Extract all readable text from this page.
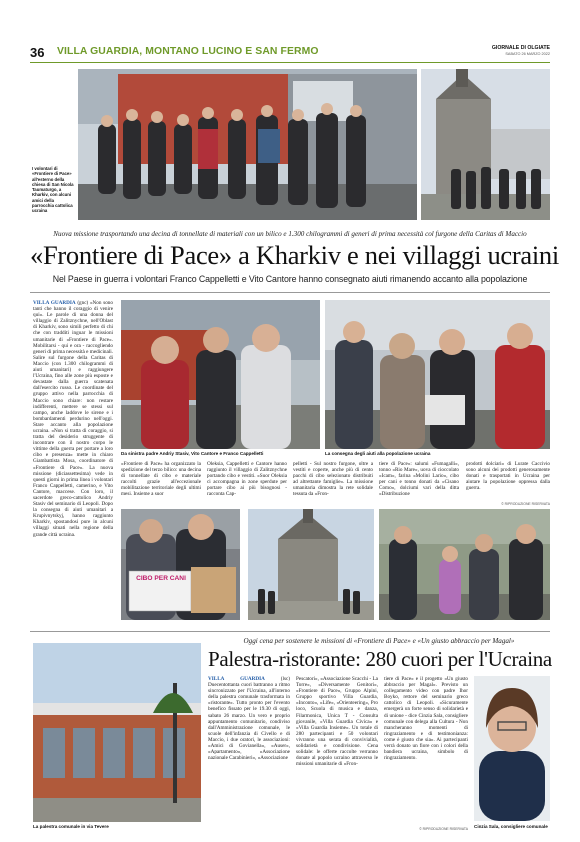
36 VILLA GUARDIA, MONTANO LUCINO E SAN FERMO	GIORNALE DI OLGIATE
SABATO 26 MARZO 2022
I volontari di «Frontiere di Pace» all'esterno della chiesa di San Nicola Taumaturgo, a Kharkiv, con alcuni amici della parrocchia cattolica ucraina
Nuova missione trasportando una decina di tonnellate di materiali con un bilico e 1.300 chilogrammi di generi di prima necessità col furgone della Caritas di Maccio
«Frontiere di Pace» a Kharkiv e nei villaggi ucraini
Nel Paese in guerra i volontari Franco Cappelletti e Vito Cantore hanno consegnato aiuti rimanendo accanto alla popolazione
VILLA GUARDIA (gnc) «Non sono tanti che hanno il coraggio di venire qui». Le parole di una donna del villaggio di Zalitznychne, nell'Oblast di Kharkiv, sono simili perfetto di chi che con tradditi inguar le missioni umanitarie di «Frontiere di Pace». Mobilitarsi - qui e ora - raccogliendo generi di prima necessità e medicinali. Salire sul furgone della Caritas di Maccio (con 1.300 chilogrammi di aiuti umanitari) e raggiungere l'Ucraina, fino alle zone più esposte e devastate dalla guerra scatenata dall'esercito russo. Le coordinate del gruppo attivo nella parrocchia di Maccio sono chiare: non restare indifferenti, mettere se stessi sul campo, anche laddove le sirene e i bombardamenti perdurino nell'oggi. Stare accanto alla popolazione ucraina. «Non si tratta di coraggio, si tratta del desiderio struggente di incontrare con il nostro corpo le vittime della guerra per portare a loro cibo e presenza» mette in chiaro Giambattista Mosa, coordinatore di «Frontiere di Pace». La nuova missione (diciassettesima) vede in questi giorni in prima linea i volontari Franco Cappelletti, camerino, e Vito Cantore, maccese. Con loro, il sacerdote greco-cattolico Andriy Stasiv del seminario di Leopoli. Dopo la consegna di aiuti umanitari a Krupivnytskyj, hanno raggiunto Kharkiv, spostandosi pure in alcuni villaggi situati nella regione della grande città ucraina.
Da sinistra padre Andriy Stasiv, Vito Cantore e Franco Cappelletti	La consegna degli aiuti alla popolazione ucraina
«Frontiere di Pace» ha organizzato la spedizione del terzo bilico: una decina di tonnellate di cibo e materiale raccolti grazie all'eccezionale mobilitazione territoriale degli ultimi mesi. Insieme a suor
Oleksia, Cappelletti e Cantore hanno raggiunto il villaggio di Zalitznychne portando cibo e vestiti. «Suor Oleksia ci accompagna in zone sperdute per portare cibo ai più bisognosi - racconta Cap-
pelletti - Sul nostro furgone, oltre a vestiti e coperte, anche più di cento pacchi di cibo selezionato distribuiti ad altrettante famiglie». La missione umanitaria dimostra la rete solidale tessuta da «Fron-
tiere di Pace»: salumi «Fumagalli», tonno «Rio Mare», uova di cioccolato «Icam», farina «Molini Lario», cibo per cani e tonno donati da «Cisano Como», dolciumi vari della ditta «Distribuzione
prodotti dolciari» di Lurate Caccivio sono alcuni dei prodotti generosamente donati e trasportati in Ucraina per aiutare la popolazione oppressa dalla guerra.
© RIPRODUZIONE RISERVATA
CIBO PER CANI
Oggi cena per sostenere le missioni di «Frontiere di Pace» e «Un giusto abbraccio per Magal»
Palestra-ristorante: 280 cuori per l'Ucraina
La palestra comunale in via Tevere
VILLA GUARDIA	(lsc) Duecentottanta cuori battranno a ritmo sincronizzato per l'Ucraina, all'interno della palestra comunale trasformata in «ristorante». Tutto pronto per l'evento benefico fissato per le 19.30 di oggi, sabato 26 marzo. Un vero e proprio appuntamento comunitario, condiviso dall'Amministrazione comunale, le scuole dell'infanzia di Civello e di Maccio, i due oratori, le associazioni: «Amici di Govianella», «Auser», «Apartamento», «Associazione nazionale Carabinieri», «Associazione
Pescatori», «Associazione Scacchi - La Torre», «Diversamente Genitori», «Frontiere di Pace», Gruppo Alpini, Gruppo sportivo Villa Guardia, «Inconto», «Life», «Orienteering», Pro loco, Scuola di musica e danza, Filarmonica, Unica T - Consulta giovanile, «Villa Guardia Civica» e «Villa Guardia Insieme». Un totale di 280 partecipanti e 50 volontari vivranno una serata di convivialità, solidarietà e condivisione. Cena solidale: le offerte raccolte verranno donate al popolo ucraino attraverso le missioni umanitarie di «Fron-
tiere di Pace» e il progetto «Un giusto abbraccio per Magal». Previsto un collegamento video con padre Ihor Boyko, rettore del seminario greco cattolico di Leopoli. «Sicuramente emergerà un forte senso di solidarietà e di unione - dice Cinzia Sala, consigliere comunale con delega alla Cultura - Non mancheranno momenti di ringraziamento e di testimonianza: come è giusto che sia». Ai partecipanti verrà donato un fiore con i colori della bandiera ucraina, simbolo di ringraziamento.
© RIPRODUZIONE RISERVATA Cinzia Sala, consigliere comunale
